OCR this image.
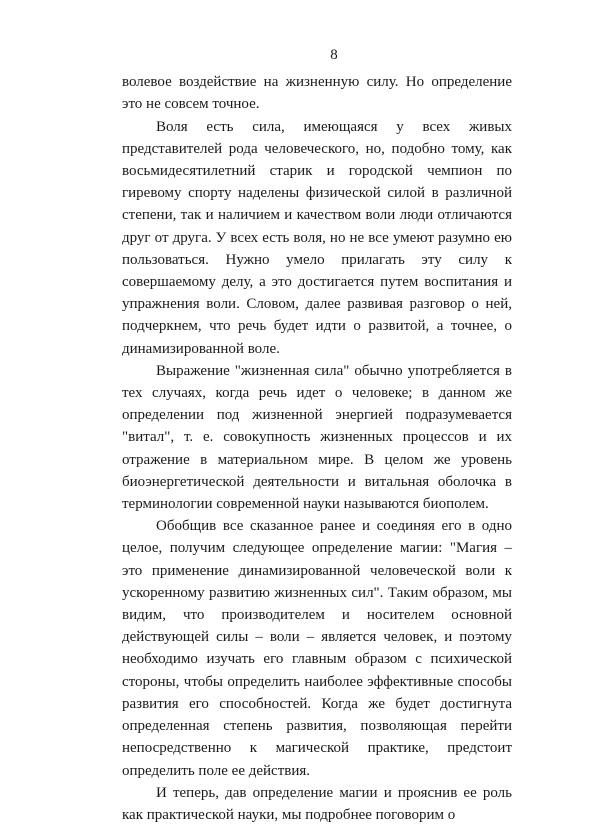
8

волевое воздействие на жизненную силу. Но определение это не совсем точное.

Воля есть сила, имеющаяся у всех живых представителей рода человеческого, но, подобно тому, как восьмидесятилетний старик и городской чемпион по гиревому спорту наделены физической силой в различной степени, так и наличием и качеством воли люди отличаются друг от друга. У всех есть воля, но не все умеют разумно ею пользоваться. Нужно умело прилагать эту силу к совершаемому делу, а это достигается путем воспитания и упражнения воли. Словом, далее развивая разговор о ней, подчеркнем, что речь будет идти о развитой, а точнее, о динамизированной воле.

Выражение "жизненная сила" обычно употребляется в тех случаях, когда речь идет о человеке; в данном же определении под жизненной энергией подразумевается "витал", т. е. совокупность жизненных процессов и их отражение в материальном мире. В целом же уровень биоэнергетической деятельности и витальная оболочка в терминологии современной науки называются биополем.

Обобщив все сказанное ранее и соединяя его в одно целое, получим следующее определение магии: "Магия – это применение динамизированной человеческой воли к ускоренному развитию жизненных сил". Таким образом, мы видим, что производителем и носителем основной действующей силы – воли – является человек, и поэтому необходимо изучать его главным образом с психической стороны, чтобы определить наиболее эффективные способы развития его способностей. Когда же будет достигнута определенная степень развития, позволяющая перейти непосредственно к магической практике, предстоит определить поле ее действия.

И теперь, дав определение магии и прояснив ее роль как практической науки, мы подробнее поговорим о
